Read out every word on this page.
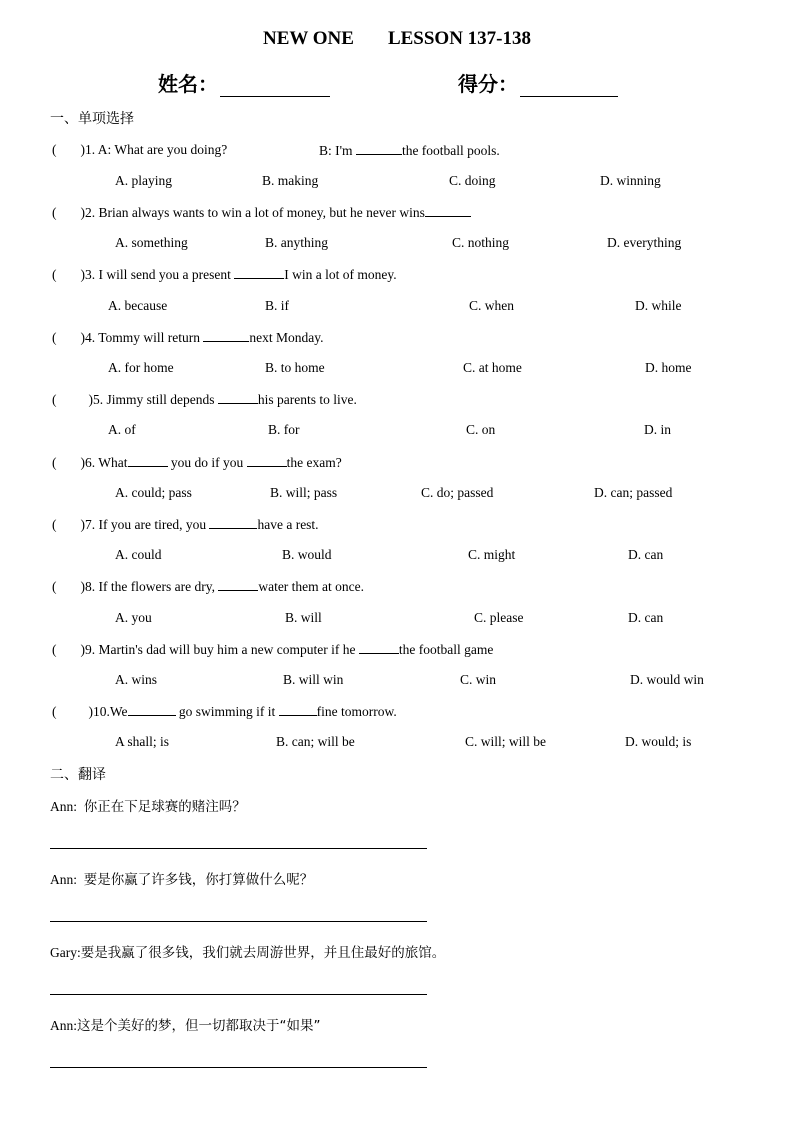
NEW ONE LESSON 137-138
姓名：	得分：
一、单项选择
( )1. A: What are you doing?	B: I'm	the football pools.
A. playing	B. making	C. doing	D. winning
( )2. Brian always wants to win a lot of money, but he never wins
A. something	B. anything	C. nothing	D. everything
( )3. I will send you a present	I win a lot of money.
A. because	B. if	C. when	D. while
( )4. Tommy will return	next Monday.
A. for home	B. to home	C. at home	D. home
( )5. Jimmy still depends	his parents to live.
A. of	B. for	C. on	D. in
( )6. What	you do if you	the exam?
A. could; pass	B. will; pass	C. do; passed	D. can; passed
( )7. If you are tired, you	have a rest.
A. could	B. would	C. might	D. can
( )8. If the flowers are dry,	water them at once.
A. you	B. will	C. please	D. can
( )9. Martin's dad will buy him a new computer if he	the football game
A. wins	B. will win	C. win	D. would win
( )10.We	go swimming if it	fine tomorrow.
A shall; is	B. can; will be	C. will; will be	D. would; is
二、翻译
Ann: 你正在下足球赛的赌注吗？
Ann: 要是你赢了许多钱，你打算做什么呢？
Gary:要是我赢了很多钱，我们就去周游世界，并且住最好的旅馆。
Ann:这是个美好的梦，但一切都取决于“如果”
